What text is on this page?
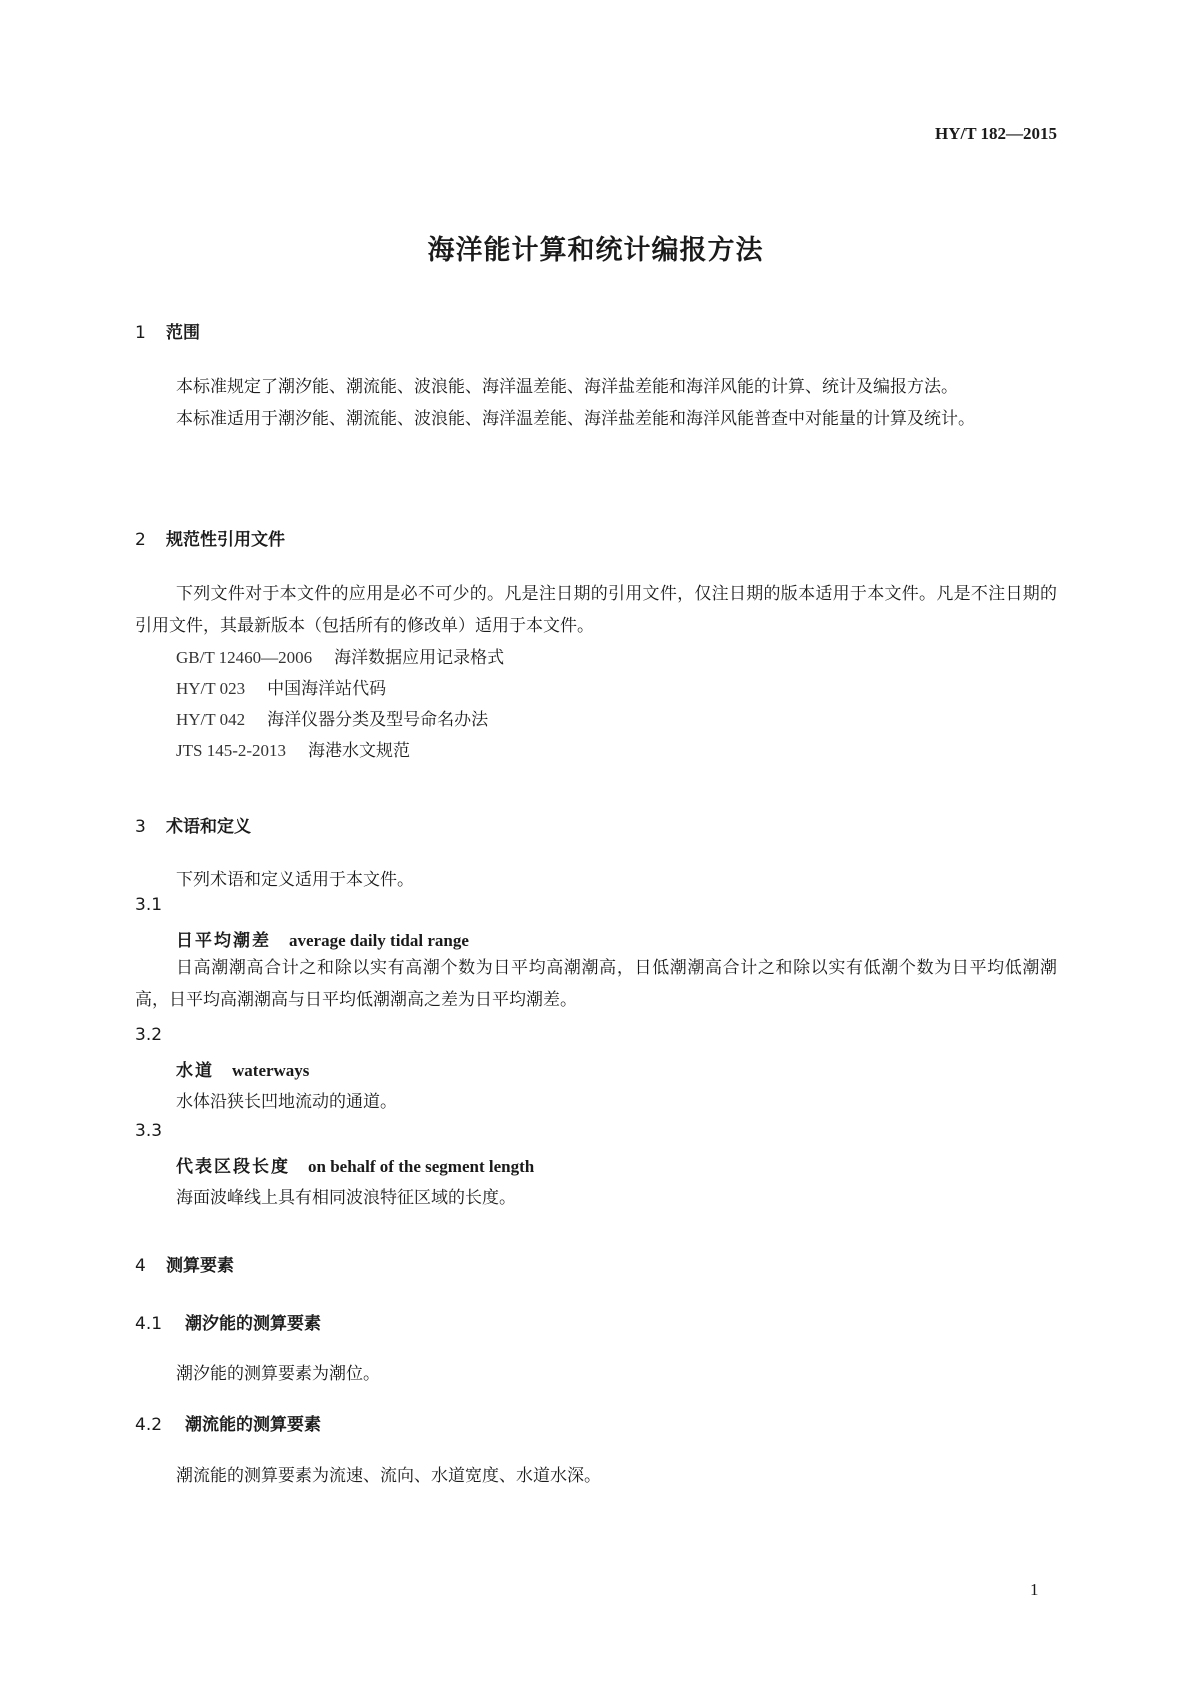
HY/T 182—2015
海洋能计算和统计编报方法
1 范围

本标准规定了潮汐能、潮流能、波浪能、海洋温差能、海洋盐差能和海洋风能的计算、统计及编报方法。

本标准适用于潮汐能、潮流能、波浪能、海洋温差能、海洋盐差能和海洋风能普查中对能量的计算及统计。

2 规范性引用文件

下列文件对于本文件的应用是必不可少的。凡是注日期的引用文件，仅注日期的版本适用于本文件。凡是不注日期的引用文件，其最新版本（包括所有的修改单）适用于本文件。

GB/T 12460—2006 海洋数据应用记录格式
HY/T 023 中国海洋站代码
HY/T 042 海洋仪器分类及型号命名办法
JTS 145-2-2013 海港水文规范
3 术语和定义
下列术语和定义适用于本文件。
3.1
日平均潮差 average daily tidal range

日高潮潮高合计之和除以实有高潮个数为日平均高潮潮高，日低潮潮高合计之和除以实有低潮个数为日平均低潮潮高，日平均高潮潮高与日平均低潮潮高之差为日平均潮差。

3.2
水道 waterways
水体沿狭长凹地流动的通道。
3.3
代表区段长度 on behalf of the segment length
海面波峰线上具有相同波浪特征区域的长度。
4 测算要素
4.1 潮汐能的测算要素
潮汐能的测算要素为潮位。
4.2 潮流能的测算要素
潮流能的测算要素为流速、流向、水道宽度、水道水深。
1
